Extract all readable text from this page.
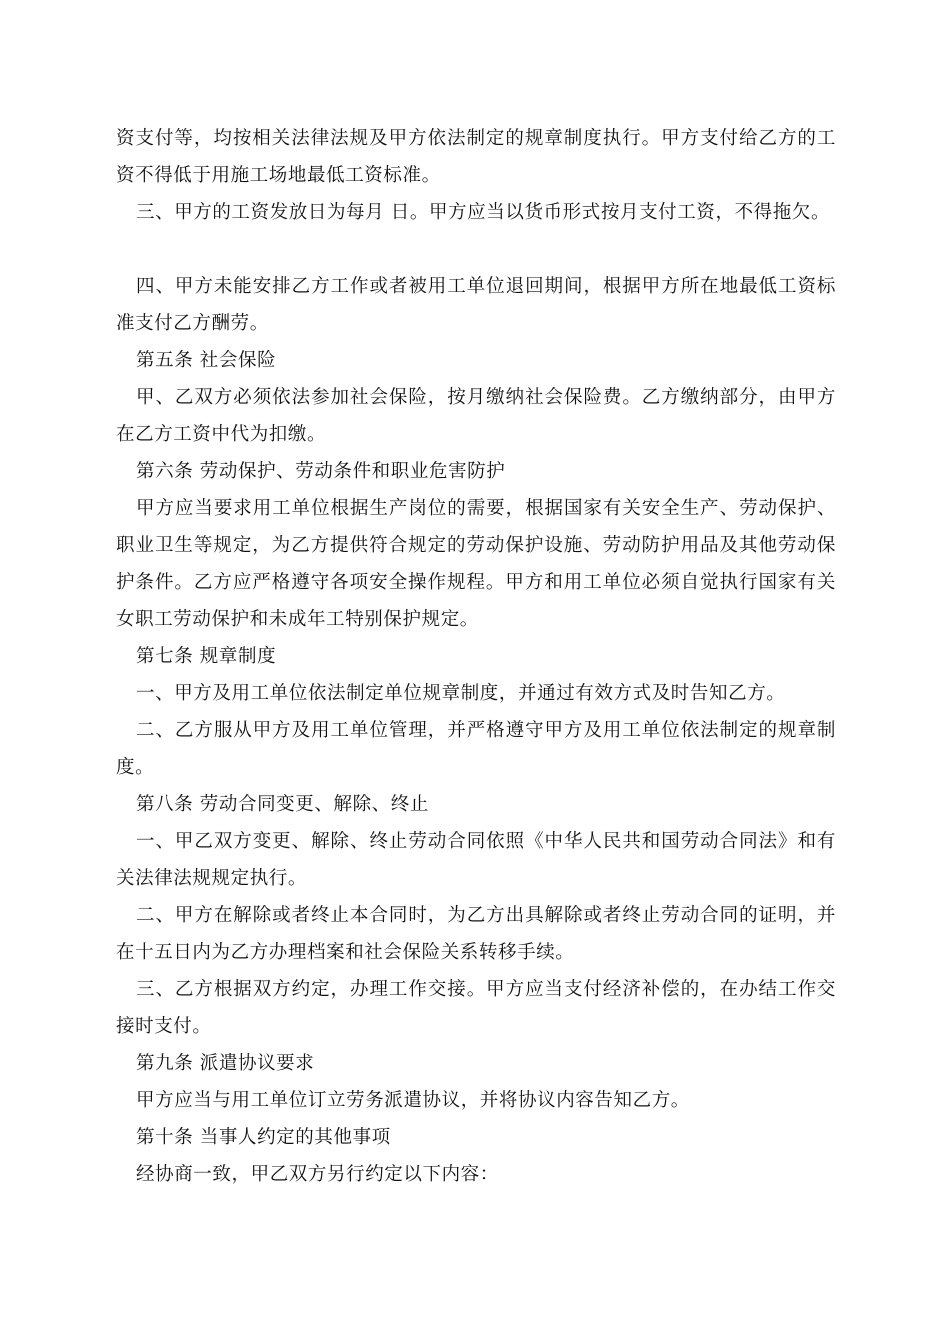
资支付等，均按相关法律法规及甲方依法制定的规章制度执行。甲方支付给乙方的工资不得低于用施工场地最低工资标准。

三、甲方的工资发放日为每月 日。甲方应当以货币形式按月支付工资，不得拖欠。

四、甲方未能安排乙方工作或者被用工单位退回期间，根据甲方所在地最低工资标准支付乙方酬劳。

第五条 社会保险

甲、乙双方必须依法参加社会保险，按月缴纳社会保险费。乙方缴纳部分，由甲方在乙方工资中代为扣缴。

第六条 劳动保护、劳动条件和职业危害防护

甲方应当要求用工单位根据生产岗位的需要，根据国家有关安全生产、劳动保护、职业卫生等规定，为乙方提供符合规定的劳动保护设施、劳动防护用品及其他劳动保护条件。乙方应严格遵守各项安全操作规程。甲方和用工单位必须自觉执行国家有关女职工劳动保护和未成年工特别保护规定。

第七条 规章制度

一、甲方及用工单位依法制定单位规章制度，并通过有效方式及时告知乙方。

二、乙方服从甲方及用工单位管理，并严格遵守甲方及用工单位依法制定的规章制度。

第八条 劳动合同变更、解除、终止

一、甲乙双方变更、解除、终止劳动合同依照《中华人民共和国劳动合同法》和有关法律法规规定执行。

二、甲方在解除或者终止本合同时，为乙方出具解除或者终止劳动合同的证明，并在十五日内为乙方办理档案和社会保险关系转移手续。

三、乙方根据双方约定，办理工作交接。甲方应当支付经济补偿的，在办结工作交接时支付。

第九条 派遣协议要求

甲方应当与用工单位订立劳务派遣协议，并将协议内容告知乙方。

第十条 当事人约定的其他事项

经协商一致，甲乙双方另行约定以下内容：
